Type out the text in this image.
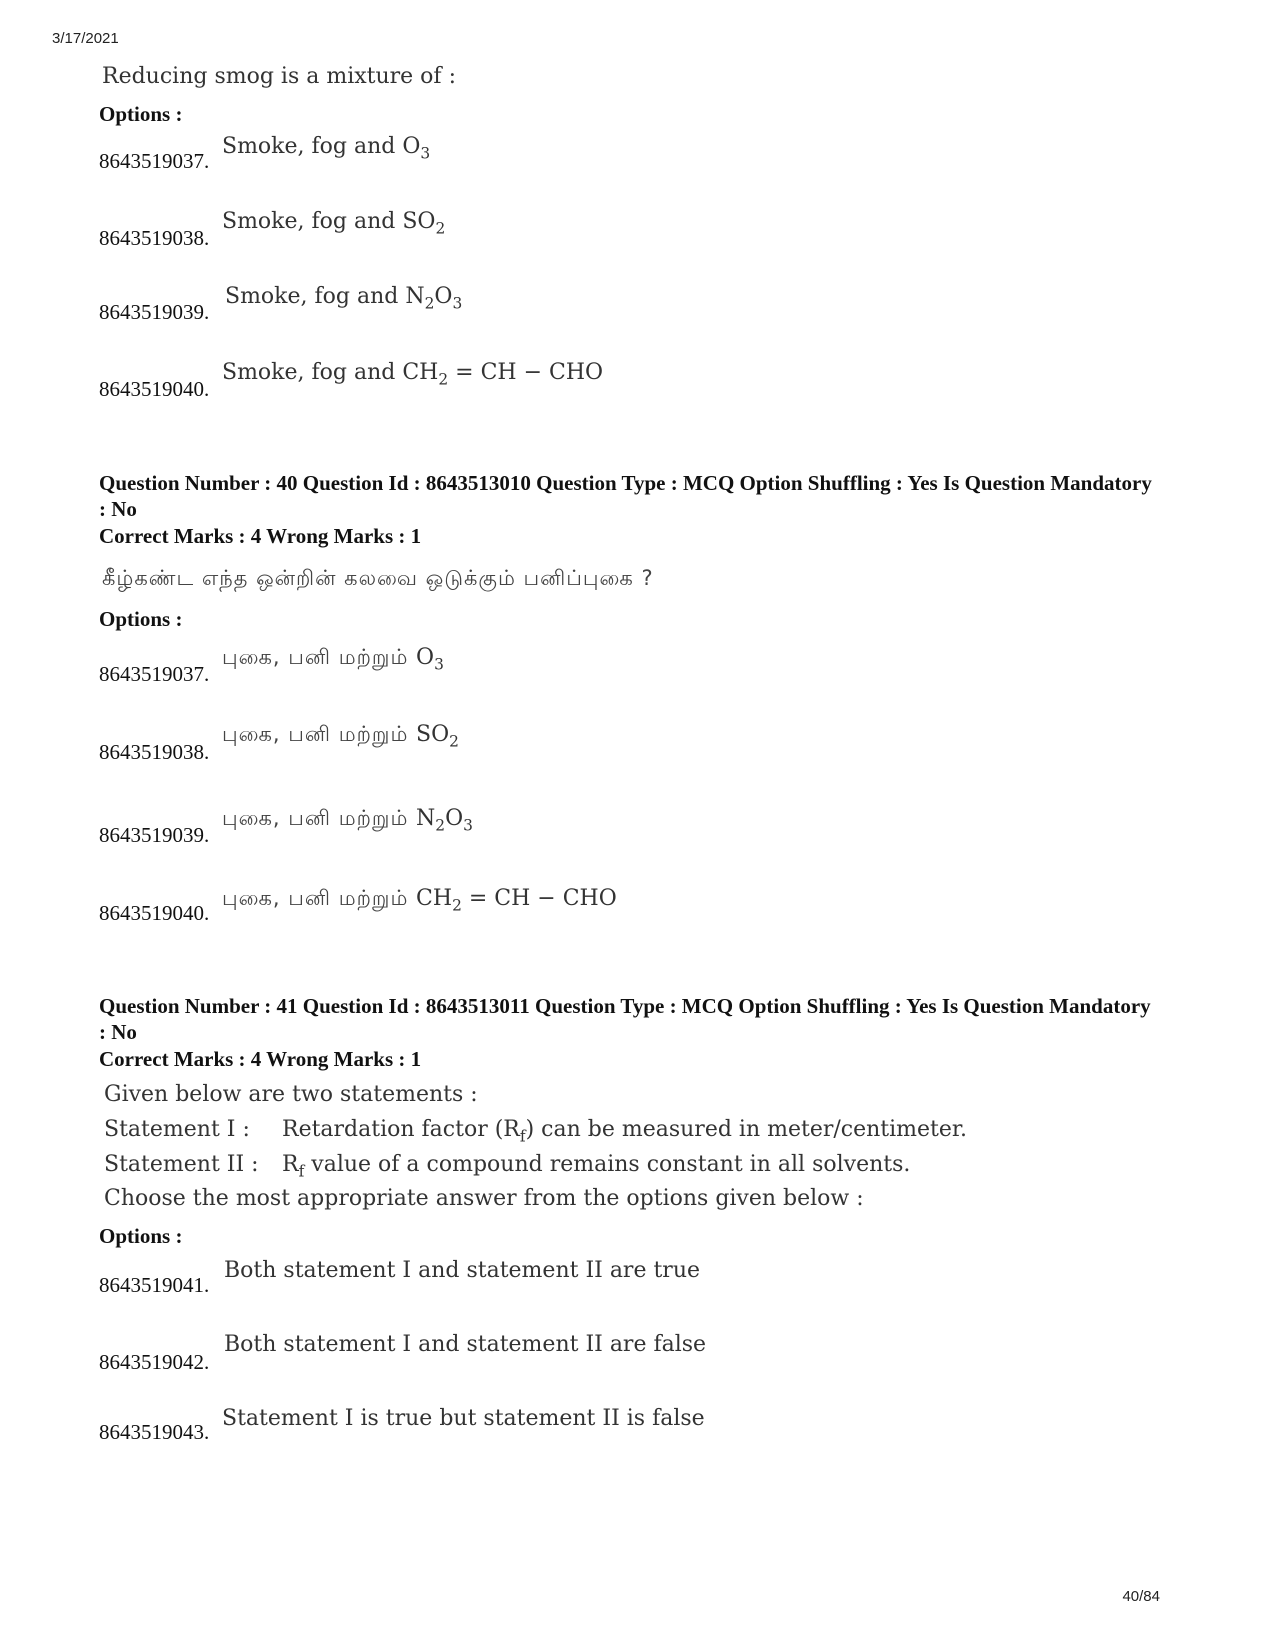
3/17/2021
Reducing smog is a mixture of :
Options :
8643519037.
Smoke, fog and $O_3$
8643519038.
Smoke, fog and $SO_2$
8643519039.
Smoke, fog and $N_2O_3$
8643519040.
Smoke, fog and $CH_2$ = CH − CHO
Question Number : 40 Question Id : 8643513010 Question Type : MCQ Option Shuffling : Yes Is Question Mandatory : No
Correct Marks : 4 Wrong Marks : 1
கீழ்கண்ட எந்த ஒன்றின் கலவை ஒடுக்கும் பனிப்புகை ?
Options :
8643519037.
புகை, பனி மற்றும் $O_3$
8643519038.
புகை, பனி மற்றும் $SO_2$
8643519039.
புகை, பனி மற்றும் $N_2O_3$
8643519040.
புகை, பனி மற்றும் $CH_2$ = CH − CHO
Question Number : 41 Question Id : 8643513011 Question Type : MCQ Option Shuffling : Yes Is Question Mandatory : No
Correct Marks : 4 Wrong Marks : 1
Given below are two statements :
Statement I : Retardation factor $(R_f)$ can be measured in meter/centimeter.
Statement II : $R_f$ value of a compound remains constant in all solvents.
Choose the most appropriate answer from the options given below :
Options :
8643519041.
Both statement I and statement II are true
8643519042.
Both statement I and statement II are false
8643519043.
Statement I is true but statement II is false
40/84
